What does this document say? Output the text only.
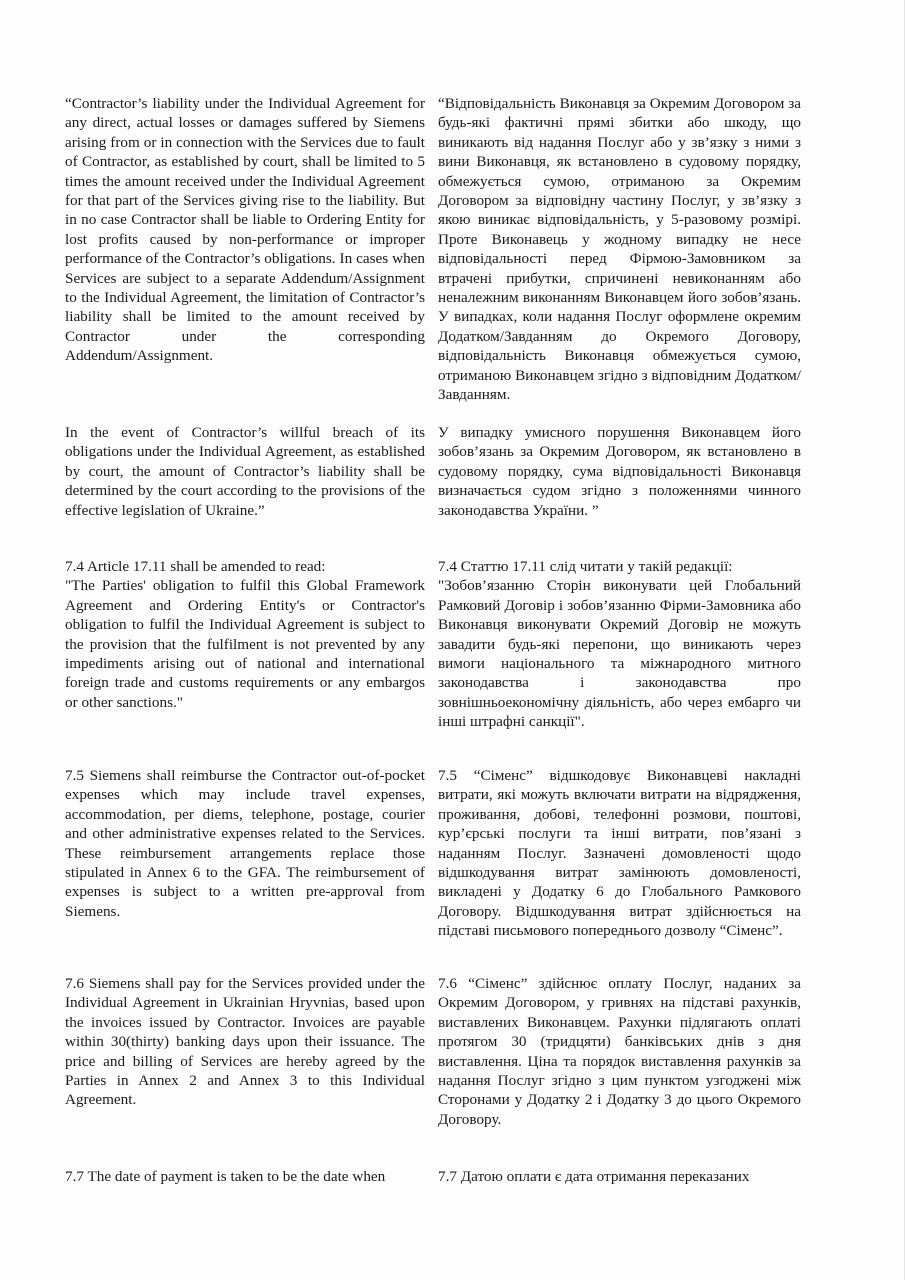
“Contractor’s liability under the Individual Agreement for any direct, actual losses or damages suffered by Siemens arising from or in connection with the Services due to fault of Contractor, as established by court, shall be limited to 5 times the amount received under the Individual Agreement for that part of the Services giving rise to the liability. But in no case Contractor shall be liable to Ordering Entity for lost profits caused by non-performance or improper performance of the Contractor’s obligations. In cases when Services are subject to a separate Addendum/Assignment to the Individual Agreement, the limitation of Contractor’s liability shall be limited to the amount received by Contractor under the corresponding Addendum/Assignment.

In the event of Contractor’s willful breach of its obligations under the Individual Agreement, as established by court, the amount of Contractor’s liability shall be determined by the court according to the provisions of the effective legislation of Ukraine.”

7.4 Article 17.11 shall be amended to read:

"The Parties' obligation to fulfil this Global Framework Agreement and Ordering Entity's or Contractor's obligation to fulfil the Individual Agreement is subject to the provision that the fulfilment is not prevented by any impediments arising out of national and international foreign trade and customs requirements or any embargos or other sanctions."

7.5 Siemens shall reimburse the Contractor out-of-pocket expenses which may include travel expenses, accommodation, per diems, telephone, postage, courier and other administrative expenses related to the Services. These reimbursement arrangements replace those stipulated in Annex 6 to the GFA. The reimbursement of expenses is subject to a written pre-approval from Siemens.

7.6 Siemens shall pay for the Services provided under the Individual Agreement in Ukrainian Hryvnias, based upon the invoices issued by Contractor. Invoices are payable within 30(thirty) banking days upon their issuance. The price and billing of Services are hereby agreed by the Parties in Annex 2 and Annex 3 to this Individual Agreement.

7.7 The date of payment is taken to be the date when

“Відповідальність Виконавця за Окремим Договором за будь-які фактичні прямі збитки або шкоду, що виникають від надання Послуг або у зв’язку з ними з вини Виконавця, як встановлено в судовому порядку, обмежується сумою, отриманою за Окремим Договором за відповідну частину Послуг, у зв’язку з якою виникає відповідальність, у 5-разовому розмірі. Проте Виконавець у жодному випадку не несе відповідальності перед Фірмою-Замовником за втрачені прибутки, спричинені невиконанням або неналежним виконанням Виконавцем його зобов’язань. У випадках, коли надання Послуг оформлене окремим Додатком/Завданням до Окремого Договору, відповідальність Виконавця обмежується сумою, отриманою Виконавцем згідно з відповідним Додатком/Завданням.

У випадку умисного порушення Виконавцем його зобов’язань за Окремим Договором, як встановлено в судовому порядку, сума відповідальності Виконавця визначається судом згідно з положеннями чинного законодавства України. ”

7.4 Статтю 17.11 слід читати у такій редакції:

"Зобов’язанню Сторін виконувати цей Глобальний Рамковий Договір і зобов’язанню Фірми-Замовника або Виконавця виконувати Окремий Договір не можуть завадити будь-які перепони, що виникають через вимоги національного та міжнародного митного законодавства і законодавства про зовнішньоекономічну діяльність, або через ембарго чи інші штрафні санкції".

7.5 “Сіменс” відшкодовує Виконавцеві накладні витрати, які можуть включати витрати на відрядження, проживання, добові, телефонні розмови, поштові, кур’єрські послуги та інші витрати, пов’язані з наданням Послуг. Зазначені домовленості щодо відшкодування витрат замінюють домовленості, викладені у Додатку 6 до Глобального Рамкового Договору. Відшкодування витрат здійснюється на підставі письмового попереднього дозволу “Сіменс”.

7.6 “Сіменс” здійснює оплату Послуг, наданих за Окремим Договором, у гривнях на підставі рахунків, виставлених Виконавцем. Рахунки підлягають оплаті протягом 30 (тридцяти) банківських днів з дня виставлення. Ціна та порядок виставлення рахунків за надання Послуг згідно з цим пунктом узгоджені між Сторонами у Додатку 2 і Додатку 3 до цього Окремого Договору.

7.7 Датою оплати є дата отримання переказаних
